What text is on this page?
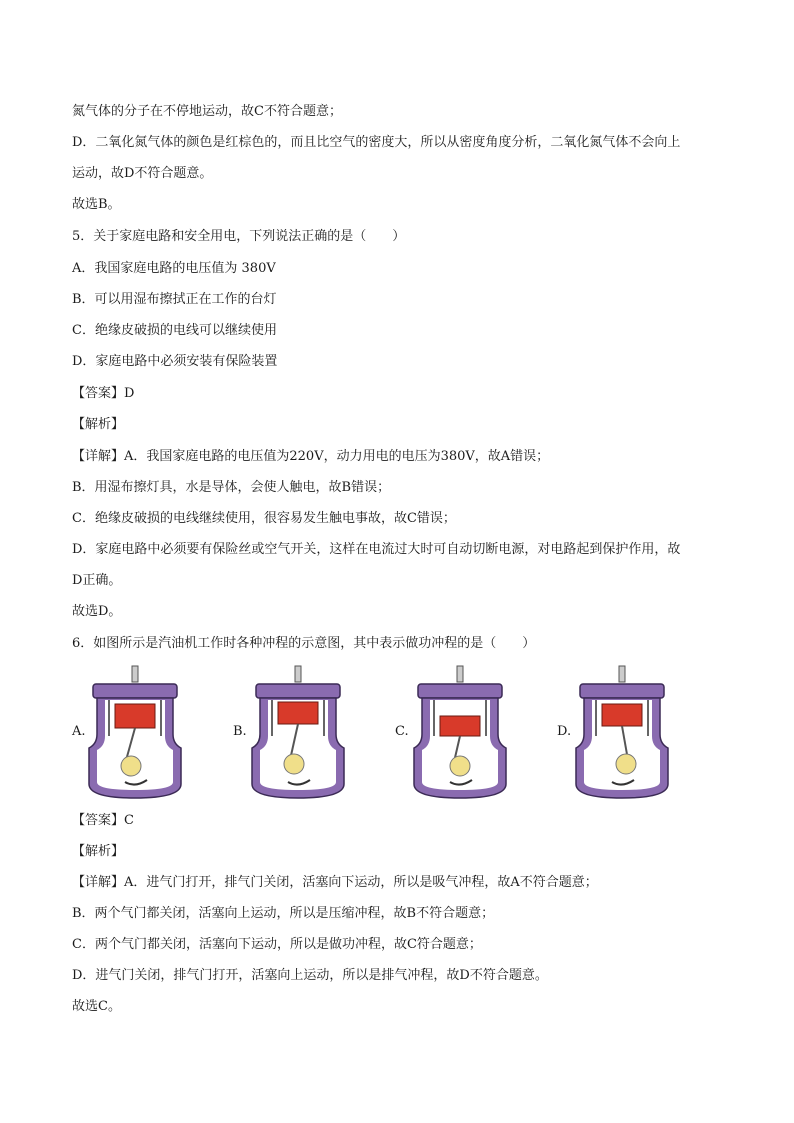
氮气体的分子在不停地运动，故C不符合题意；
D．二氧化氮气体的颜色是红棕色的，而且比空气的密度大，所以从密度角度分析，二氧化氮气体不会向上
运动，故D不符合题意。
故选B。
5．关于家庭电路和安全用电，下列说法正确的是（　　）
A．我国家庭电路的电压值为 380V
B．可以用湿布擦拭正在工作的台灯
C．绝缘皮破损的电线可以继续使用
D．家庭电路中必须安装有保险装置
【答案】D
【解析】
【详解】A．我国家庭电路的电压值为220V，动力用电的电压为380V，故A错误；
B．用湿布擦灯具，水是导体，会使人触电，故B错误；
C．绝缘皮破损的电线继续使用，很容易发生触电事故，故C错误；
D．家庭电路中必须要有保险丝或空气开关，这样在电流过大时可自动切断电源，对电路起到保护作用，故
D正确。
故选D。
6．如图所示是汽油机工作时各种冲程的示意图，其中表示做功冲程的是（　　）
A.	B.	C.	D.
【答案】C
【解析】
【详解】A．进气门打开，排气门关闭，活塞向下运动，所以是吸气冲程，故A不符合题意；
B．两个气门都关闭，活塞向上运动，所以是压缩冲程，故B不符合题意；
C．两个气门都关闭，活塞向下运动，所以是做功冲程，故C符合题意；
D．进气门关闭，排气门打开，活塞向上运动，所以是排气冲程，故D不符合题意。
故选C。
